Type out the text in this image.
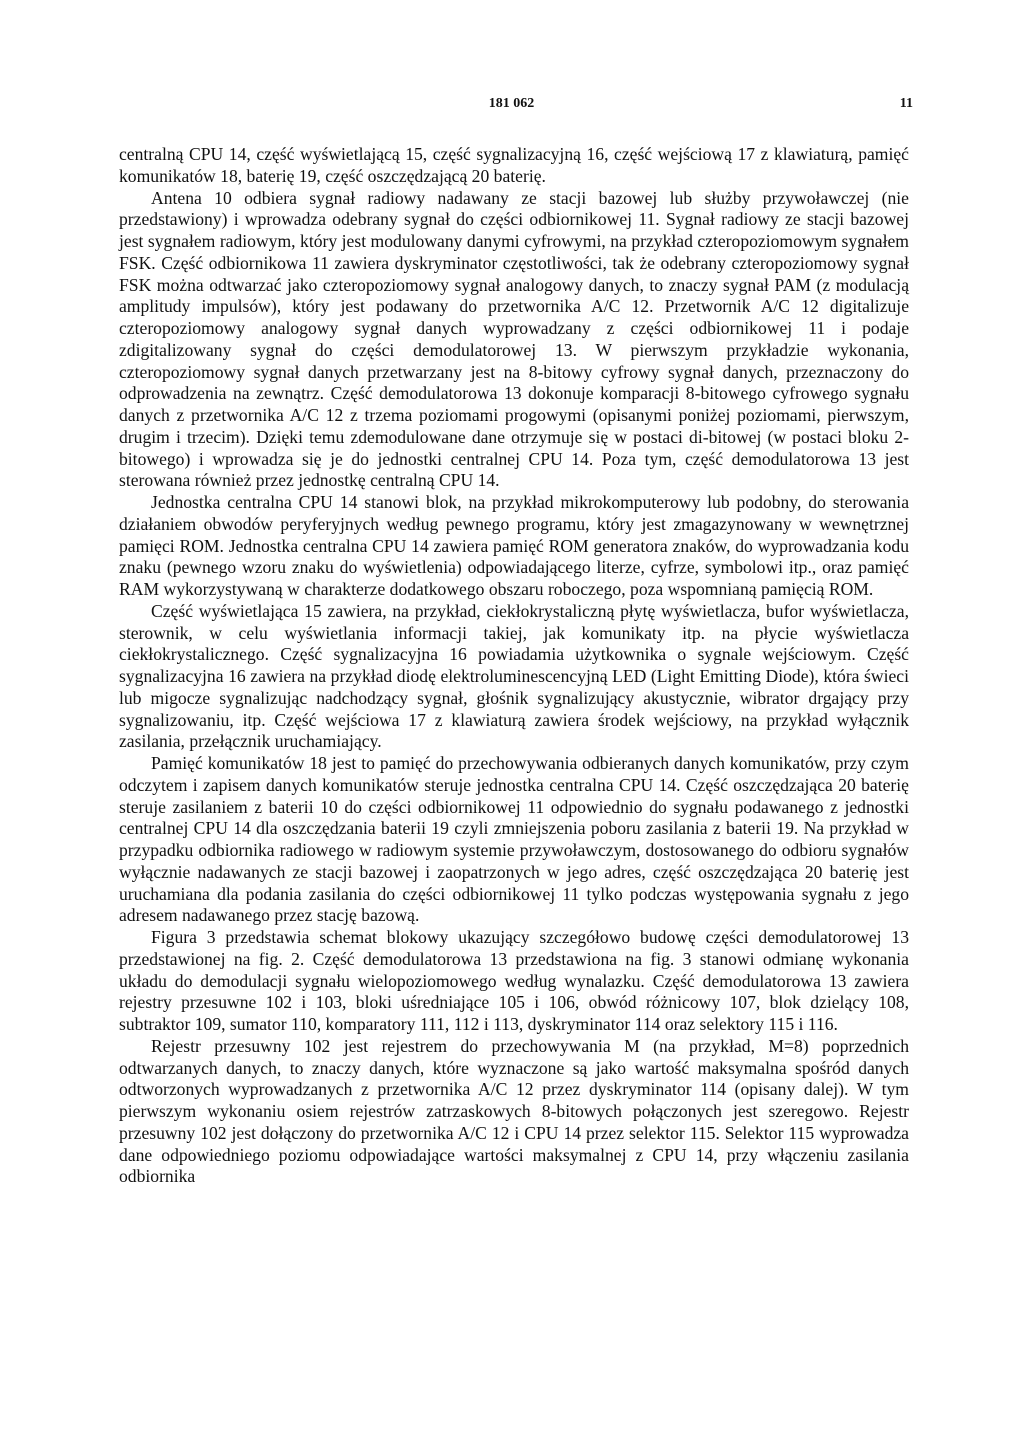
181 062	11

centralną CPU 14, część wyświetlającą 15, część sygnalizacyjną 16, część wejściową 17 z klawiaturą, pamięć komunikatów 18, baterię 19, część oszczędzającą 20 baterię.

Antena 10 odbiera sygnał radiowy nadawany ze stacji bazowej lub służby przywoławczej (nie przedstawiony) i wprowadza odebrany sygnał do części odbiornikowej 11. Sygnał radiowy ze stacji bazowej jest sygnałem radiowym, który jest modulowany danymi cyfrowymi, na przykład czteropoziomowym sygnałem FSK. Część odbiornikowa 11 zawiera dyskryminator częstotliwości, tak że odebrany czteropoziomowy sygnał FSK można odtwarzać jako czteropoziomowy sygnał analogowy danych, to znaczy sygnał PAM (z modulacją amplitudy impulsów), który jest podawany do przetwornika A/C 12. Przetwornik A/C 12 digitalizuje czteropoziomowy analogowy sygnał danych wyprowadzany z części odbiornikowej 11 i podaje zdigitalizowany sygnał do części demodulatorowej 13. W pierwszym przykładzie wykonania, czteropoziomowy sygnał danych przetwarzany jest na 8-bitowy cyfrowy sygnał danych, przeznaczony do odprowadzenia na zewnątrz. Część demodulatorowa 13 dokonuje komparacji 8-bitowego cyfrowego sygnału danych z przetwornika A/C 12 z trzema poziomami progowymi (opisanymi poniżej poziomami, pierwszym, drugim i trzecim). Dzięki temu zdemodulowane dane otrzymuje się w postaci di-bitowej (w postaci bloku 2-bitowego) i wprowadza się je do jednostki centralnej CPU 14. Poza tym, część demodulatorowa 13 jest sterowana również przez jednostkę centralną CPU 14.

Jednostka centralna CPU 14 stanowi blok, na przykład mikrokomputerowy lub podobny, do sterowania działaniem obwodów peryferyjnych według pewnego programu, który jest zmagazynowany w wewnętrznej pamięci ROM. Jednostka centralna CPU 14 zawiera pamięć ROM generatora znaków, do wyprowadzania kodu znaku (pewnego wzoru znaku do wyświetlenia) odpowiadającego literze, cyfrze, symbolowi itp., oraz pamięć RAM wykorzystywaną w charakterze dodatkowego obszaru roboczego, poza wspomnianą pamięcią ROM.

Część wyświetlająca 15 zawiera, na przykład, ciekłokrystaliczną płytę wyświetlacza, bufor wyświetlacza, sterownik, w celu wyświetlania informacji takiej, jak komunikaty itp. na płycie wyświetlacza ciekłokrystalicznego. Część sygnalizacyjna 16 powiadamia użytkownika o sygnale wejściowym. Część sygnalizacyjna 16 zawiera na przykład diodę elektroluminescencyjną LED (Light Emitting Diode), która świeci lub migocze sygnalizując nadchodzący sygnał, głośnik sygnalizujący akustycznie, wibrator drgający przy sygnalizowaniu, itp. Część wejściowa 17 z klawiaturą zawiera środek wejściowy, na przykład wyłącznik zasilania, przełącznik uruchamiający.

Pamięć komunikatów 18 jest to pamięć do przechowywania odbieranych danych komunikatów, przy czym odczytem i zapisem danych komunikatów steruje jednostka centralna CPU 14. Część oszczędzająca 20 baterię steruje zasilaniem z baterii 10 do części odbiornikowej 11 odpowiednio do sygnału podawanego z jednostki centralnej CPU 14 dla oszczędzania baterii 19 czyli zmniejszenia poboru zasilania z baterii 19. Na przykład w przypadku odbiornika radiowego w radiowym systemie przywoławczym, dostosowanego do odbioru sygnałów wyłącznie nadawanych ze stacji bazowej i zaopatrzonych w jego adres, część oszczędzająca 20 baterię jest uruchamiana dla podania zasilania do części odbiornikowej 11 tylko podczas występowania sygnału z jego adresem nadawanego przez stację bazową.

Figura 3 przedstawia schemat blokowy ukazujący szczegółowo budowę części demodulatorowej 13 przedstawionej na fig. 2. Część demodulatorowa 13 przedstawiona na fig. 3 stanowi odmianę wykonania układu do demodulacji sygnału wielopoziomowego według wynalazku. Część demodulatorowa 13 zawiera rejestry przesuwne 102 i 103, bloki uśredniające 105 i 106, obwód różnicowy 107, blok dzielący 108, subtraktor 109, sumator 110, komparatory 111, 112 i 113, dyskryminator 114 oraz selektory 115 i 116.

Rejestr przesuwny 102 jest rejestrem do przechowywania M (na przykład, M=8) poprzednich odtwarzanych danych, to znaczy danych, które wyznaczone są jako wartość maksymalna spośród danych odtworzonych wyprowadzanych z przetwornika A/C 12 przez dyskryminator 114 (opisany dalej). W tym pierwszym wykonaniu osiem rejestrów zatrzaskowych 8-bitowych połączonych jest szeregowo. Rejestr przesuwny 102 jest dołączony do przetwornika A/C 12 i CPU 14 przez selektor 115. Selektor 115 wyprowadza dane odpowiedniego poziomu odpowiadające wartości maksymalnej z CPU 14, przy włączeniu zasilania odbiornika
